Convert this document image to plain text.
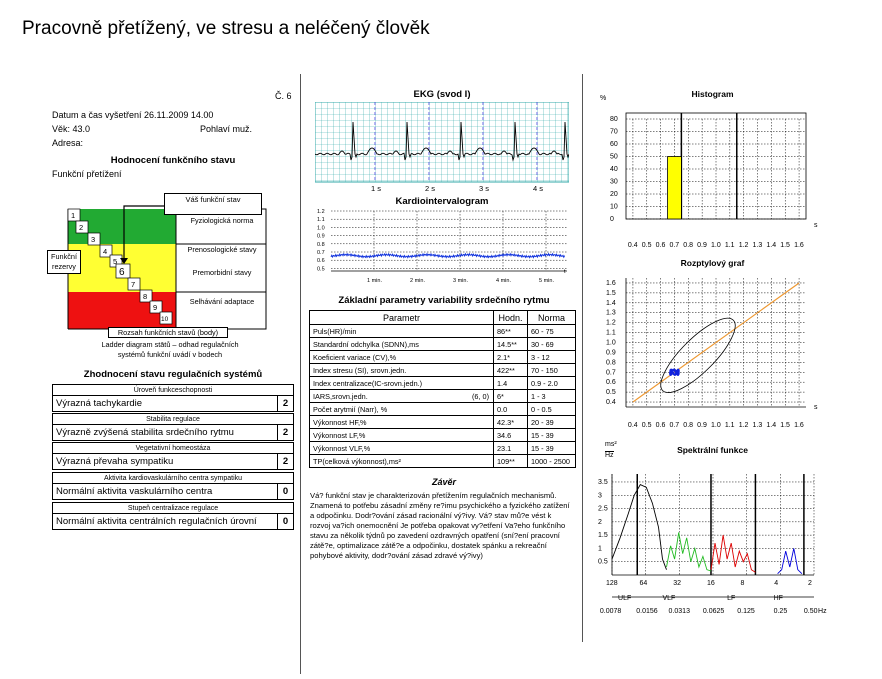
Pracovně přetížený, ve stresu a neléčený člověk
Č. 6
Datum a čas vyšetření 26.11.2009 14.00
Věk: 43.0	Pohlaví muž.
Adresa:
Hodnocení funkčního stavu
Funkční přetížení
1
2
3
4
5
6
7
8
9
10
Váš funkční stav
Fyziologická norma
Prenosologické stavy
Premorbidní stavy
Selhávání adaptace
Funkční rezervy
Rozsah funkčních stavů (body)
Ladder diagram stātů – odhad regulačních systémů funkční uvádí v bodech
Zhodnocení stavu regulačních systémů
Úroveň funkceschopnosti
Výrazná tachykardie	2
Stabilita regulace
Výrazně zvýšená stabilita srdečního rytmu	2
Vegetativní homeostáza
Výrazná převaha sympatiku	2
Aktivita kardiovaskulárního centra sympatiku
Normální aktivita vaskulárního centra	0
Stupeň centralizace regulace
Normální aktivita centrálních regulačních úrovní	0
EKG (svod I)
1 s	2 s	3 s	4 s
Kardiointervalogram
1.2
1.1
1.0
0.9
0.8
0.7
0.6
0.5
1 min.	2 min.	3 min.	4 min.	5 min.
t
Základní parametry variability srdečního rytmu
Parametr	Hodn.	Norma
Puls(HR)/min	86**	60 - 75
Standardní odchylka (SDNN),ms	14.5**	30 - 69
Koeficient variace (CV),%	2.1*	3 - 12
Index stresu (SI), srovn.jedn.	422**	70 - 150
Index centralizace(IC-srovn.jedn.)	1.4	0.9 - 2.0
IARS,srovn.jedn. (6, 0)	6*	1 - 3
Počet arytmií (Narr), %	0.0	0 - 0.5
Výkonnost HF,%	42.3*	20 - 39
Výkonnost LF,%	34.6	15 - 39
Výkonnost VLF,%	23.1	15 - 39
TP(celková výkonnost),ms²	109**	1000 - 2500
Závěr
Vá? funkční stav je charakterizován přetížením regulačních mechanismů. Znamená to potřebu zásadní změny re?imu psychického a fyzického zatížení a odpočinku. Dodr?ování zásad racionální vý?ivy. Vá? stav mů?e vést k rozvoj va?ich onemocnění Je potřeba opakovat vy?etření Va?eho funkčního stavu za několik týdnů po zavedení ozdravných opatření (sní?ení pracovní zátě?e, optimalizace zátě?e a odpočinku, dostatek spánku a rekreační pohybové aktivity, dodr?ování zásad zdravé vý?ivy)
Histogram
80
70
60
50
40
30
20
10
0
0.4 0.5 0.6 0.7 0.8 0.9 1.0 1.1 1.2 1.3 1.4 1.5 1.6
%
s
Rozptylový graf
1.6
1.5
1.4
1.3
1.2
1.1
1.0
0.9
0.8
0.7
0.6
0.5
0.4
0.4 0.5 0.6 0.7 0.8 0.9 1.0 1.1 1.2 1.3 1.4 1.5 1.6
s
Spektrální funkce
ms²
Hz
3.5
3
2.5
2
1.5
1
0.5
128	64	32	16	8	4	2
ULF	VLF	LF	HF
0.0078 0.0156 0.0313 0.0625 0.125	0.25 0.50 Hz
